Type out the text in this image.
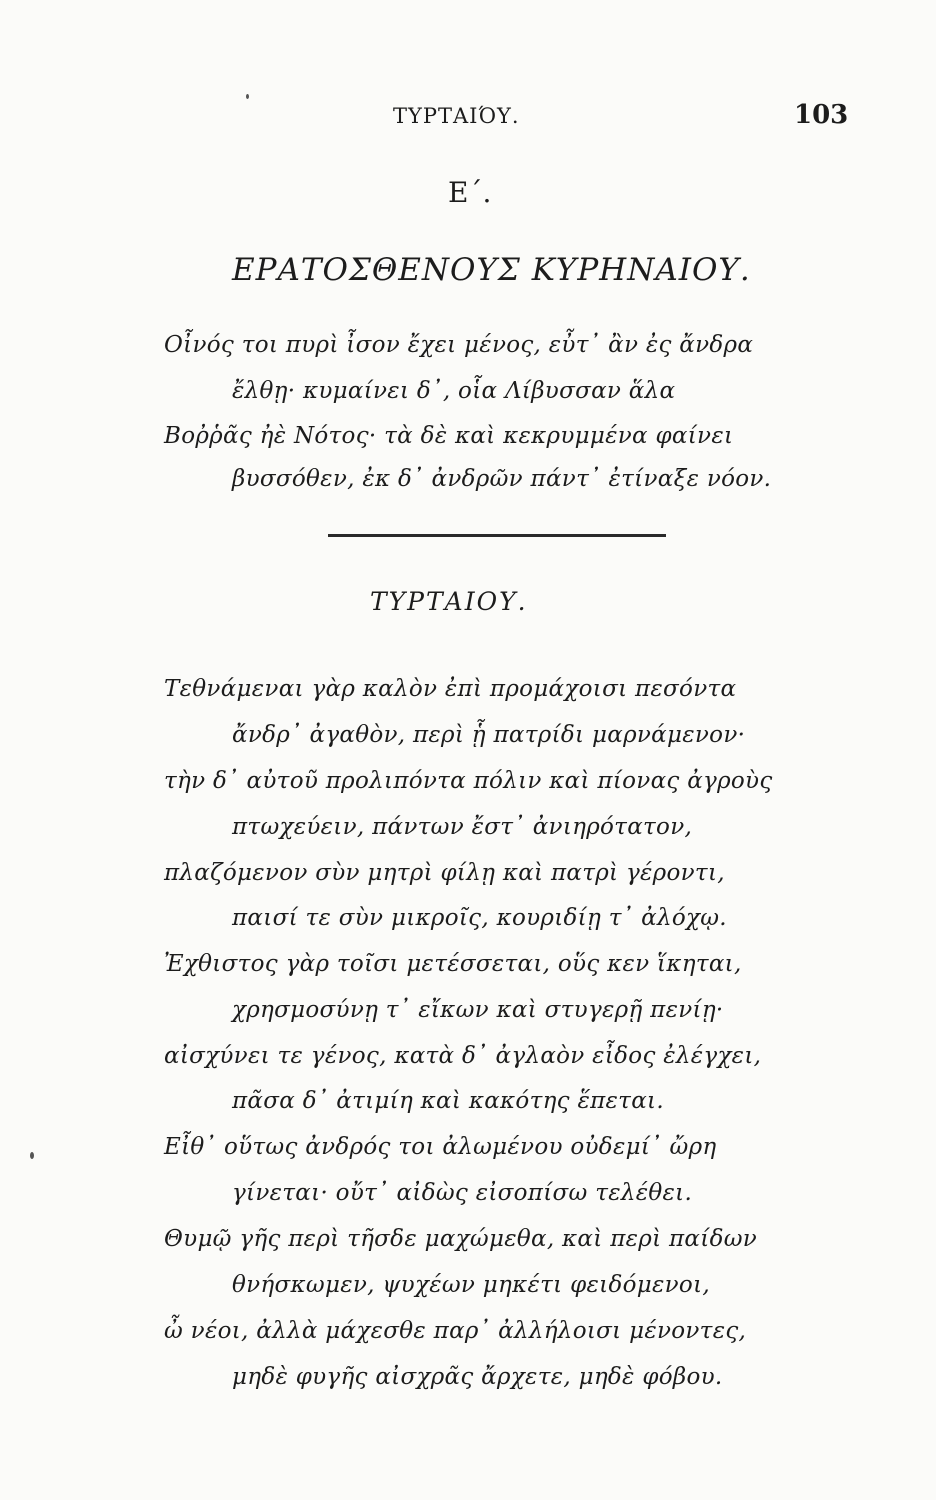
ΤΥΡΤΑΙΌΥ.	103
Ε΄.
ΕΡΑΤΟΣΘΕΝΟΥΣ ΚΥΡΗΝΑΙΟΥ.
Οἶνός τοι πυρὶ ἶσον ἔχει μένος, εὖτ᾽ ἂν ἐς ἄνδρα
ἔλθῃ· κυμαίνει δ᾽, οἷα Λίβυσσαν ἅλα
Βοῤῥᾶς ἠὲ Νότος· τὰ δὲ καὶ κεκρυμμένα φαίνει
βυσσόθεν, ἐκ δ᾽ ἀνδρῶν πάντ᾽ ἐτίναξε νόον.
ΤΥΡΤΑΙΟΥ.
Τεθνάμεναι γὰρ καλὸν ἐπὶ προμάχοισι πεσόντα
ἄνδρ᾽ ἀγαθὸν, περὶ ᾗ πατρίδι μαρνάμενον·
τὴν δ᾽ αὐτοῦ προλιπόντα πόλιν καὶ πίονας ἀγροὺς
πτωχεύειν, πάντων ἔστ᾽ ἀνιηρότατον,
πλαζόμενον σὺν μητρὶ φίλῃ καὶ πατρὶ γέροντι,
παισί τε σὺν μικροῖς, κουριδίῃ τ᾽ ἀλόχῳ.
Ἐχθιστος γὰρ τοῖσι μετέσσεται, οὕς κεν ἵκηται,
χρησμοσύνῃ τ᾽ εἴκων καὶ στυγερῇ πενίῃ·
αἰσχύνει τε γένος, κατὰ δ᾽ ἀγλαὸν εἶδος ἐλέγχει,
πᾶσα δ᾽ ἀτιμίη καὶ κακότης ἕπεται.
Εἶθ᾽ οὕτως ἀνδρός τοι ἀλωμένου οὐδεμί᾽ ὤρη
γίνεται· οὔτ᾽ αἰδὼς εἰσοπίσω τελέθει.
Θυμῷ γῆς περὶ τῆσδε μαχώμεθα, καὶ περὶ παίδων
θνήσκωμεν, ψυχέων μηκέτι φειδόμενοι,
ὦ νέοι, ἀλλὰ μάχεσθε παρ᾽ ἀλλήλοισι μένοντες,
μηδὲ φυγῆς αἰσχρᾶς ἄρχετε, μηδὲ φόβου.
